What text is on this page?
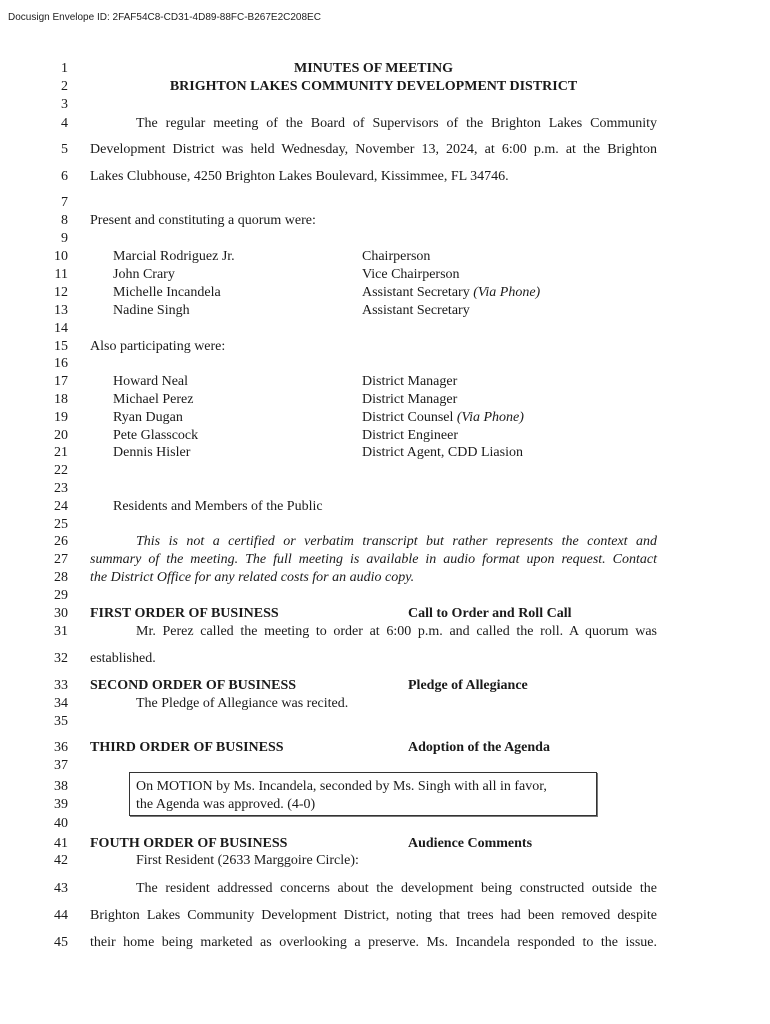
Docusign Envelope ID: 2FAF54C8-CD31-4D89-88FC-B267E2C208EC
1
2
3
4
5
6
7
8
9
10
11
12
13
14
15
16
17
18
19
20
21
22
23
24
25
26
27
28
29
30
31
32
33
34
35
36
37
38
39
40
41
42
43
44
45
MINUTES OF MEETING
BRIGHTON LAKES COMMUNITY DEVELOPMENT DISTRICT
The regular meeting of the Board of Supervisors of the Brighton Lakes Community
Development District was held Wednesday, November 13, 2024, at 6:00 p.m. at the Brighton
Lakes Clubhouse, 4250 Brighton Lakes Boulevard, Kissimmee, FL 34746.
Present and constituting a quorum were:
Marcial Rodriguez Jr.	Chairperson
John Crary	Vice Chairperson
Michelle Incandela	Assistant Secretary (Via Phone)
Nadine Singh	Assistant Secretary
Also participating were:
Howard Neal	District Manager
Michael Perez	District Manager
Ryan Dugan	District Counsel (Via Phone)
Pete Glasscock	District Engineer
Dennis Hisler	District Agent, CDD Liasion
Residents and Members of the Public
This is not a certified or verbatim transcript but rather represents the context and
summary of the meeting. The full meeting is available in audio format upon request. Contact
the District Office for any related costs for an audio copy.
FIRST ORDER OF BUSINESS	Call to Order and Roll Call
Mr. Perez called the meeting to order at 6:00 p.m. and called the roll. A quorum was
established.
SECOND ORDER OF BUSINESS	Pledge of Allegiance
The Pledge of Allegiance was recited.
THIRD ORDER OF BUSINESS	Adoption of the Agenda
On MOTION by Ms. Incandela, seconded by Ms. Singh with all in favor,
the Agenda was approved. (4-0)
FOUTH ORDER OF BUSINESS	Audience Comments
First Resident (2633 Marggoire Circle):
The resident addressed concerns about the development being constructed outside the
Brighton Lakes Community Development District, noting that trees had been removed despite
their home being marketed as overlooking a preserve. Ms. Incandela responded to the issue.
